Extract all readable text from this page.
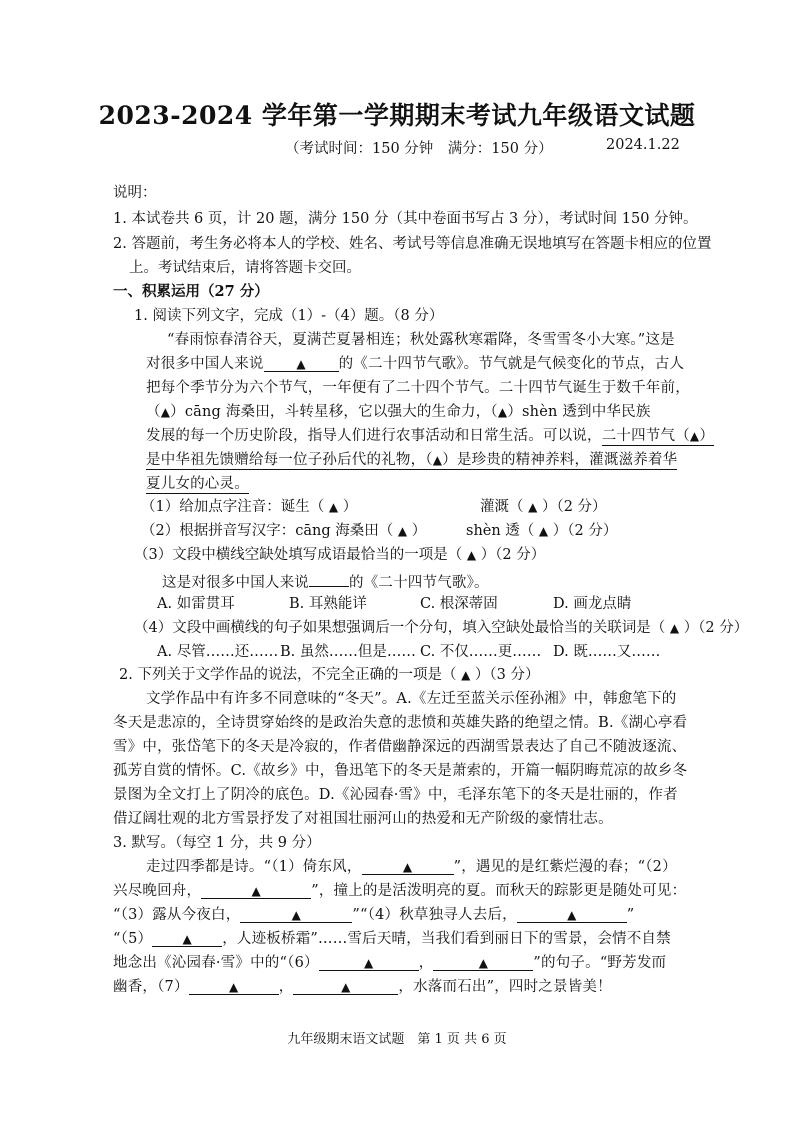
2023-2024 学年第一学期期末考试九年级语文试题
（考试时间：150 分钟　满分：150 分）	2024.1.22
说明：
1. 本试卷共 6 页，计 20 题，满分 150 分（其中卷面书写占 3 分），考试时间 150 分钟。
2. 答题前，考生务必将本人的学校、姓名、考试号等信息准确无误地填写在答题卡相应的位置
上。考试结束后，请将答题卡交回。
一、积累运用（27 分）
1. 阅读下列文字，完成（1）-（4）题。（8 分）
“春雨惊春清谷天，夏满芒夏暑相连；秋处露秋寒霜降，冬雪雪冬小大寒。”这是
对很多中国人来说	▲ 的《二十四节气歌》。节气就是气候变化的节点，古人
把每个季节分为六个节气，一年便有了二十四个节气。二十四节气诞生于数千年前，
（▲）cāng 海桑田，斗转星移，它以强大的生命力，（▲）shèn 透到中华民族
发展的每一个历史阶段，指导人们进行农事活动和日常生活。可以说，二十四节气（▲）
是中华祖先馈赠给每一位子孙后代的礼物，（▲）是珍贵的精神养料，灌溉滋养着华
夏儿女的心灵。
（1）给加点字注音：诞生（ ▲ ）	灌溉（ ▲ ）（2 分）
（2）根据拼音写汉字：cāng 海桑田（ ▲ ）	shèn 透（ ▲ ）（2 分）
（3）文段中横线空缺处填写成语最恰当的一项是（ ▲ ）（2 分）
这是对很多中国人来说	的《二十四节气歌》。
A. 如雷贯耳	B. 耳熟能详	C. 根深蒂固	D. 画龙点睛
（4）文段中画横线的句子如果想强调后一个分句，填入空缺处最恰当的关联词是（ ▲ ）（2 分）
A. 尽管……还…… B. 虽然……但是…… C. 不仅……更…… D. 既……又……
2. 下列关于文学作品的说法，不完全正确的一项是（ ▲ ）（3 分）
文学作品中有许多不同意味的“冬天”。A.《左迁至蓝关示侄孙湘》中，韩愈笔下的
冬天是悲凉的，全诗贯穿始终的是政治失意的悲愤和英雄失路的绝望之情。B.《湖心亭看
雪》中，张岱笔下的冬天是冷寂的，作者借幽静深远的西湖雪景表达了自己不随波逐流、
孤芳自赏的情怀。C.《故乡》中，鲁迅笔下的冬天是萧索的，开篇一幅阴晦荒凉的故乡冬
景图为全文打上了阴冷的底色。D.《沁园春·雪》中，毛泽东笔下的冬天是壮丽的，作者
借辽阔壮观的北方雪景抒发了对祖国壮丽河山的热爱和无产阶级的豪情壮志。
3. 默写。（每空 1 分，共 9 分）
走过四季都是诗。“（1）倚东风，	▲	”，遇见的是红紫烂漫的春；“（2）
兴尽晚回舟，	▲	”，撞上的是活泼明亮的夏。而秋天的踪影更是随处可见：
“（3）露从今夜白，	▲	”“（4）秋草独寻人去后，	▲	”
“（5）	▲ ，人迹板桥霜”……雪后天晴，当我们看到丽日下的雪景，会情不自禁
地念出《沁园春·雪》中的“（6）	▲	，	▲	”的句子。“野芳发而
幽香，（7）	▲	，	▲	，水落而石出”，四时之景皆美！
九年级期末语文试题　第 1 页 共 6 页
